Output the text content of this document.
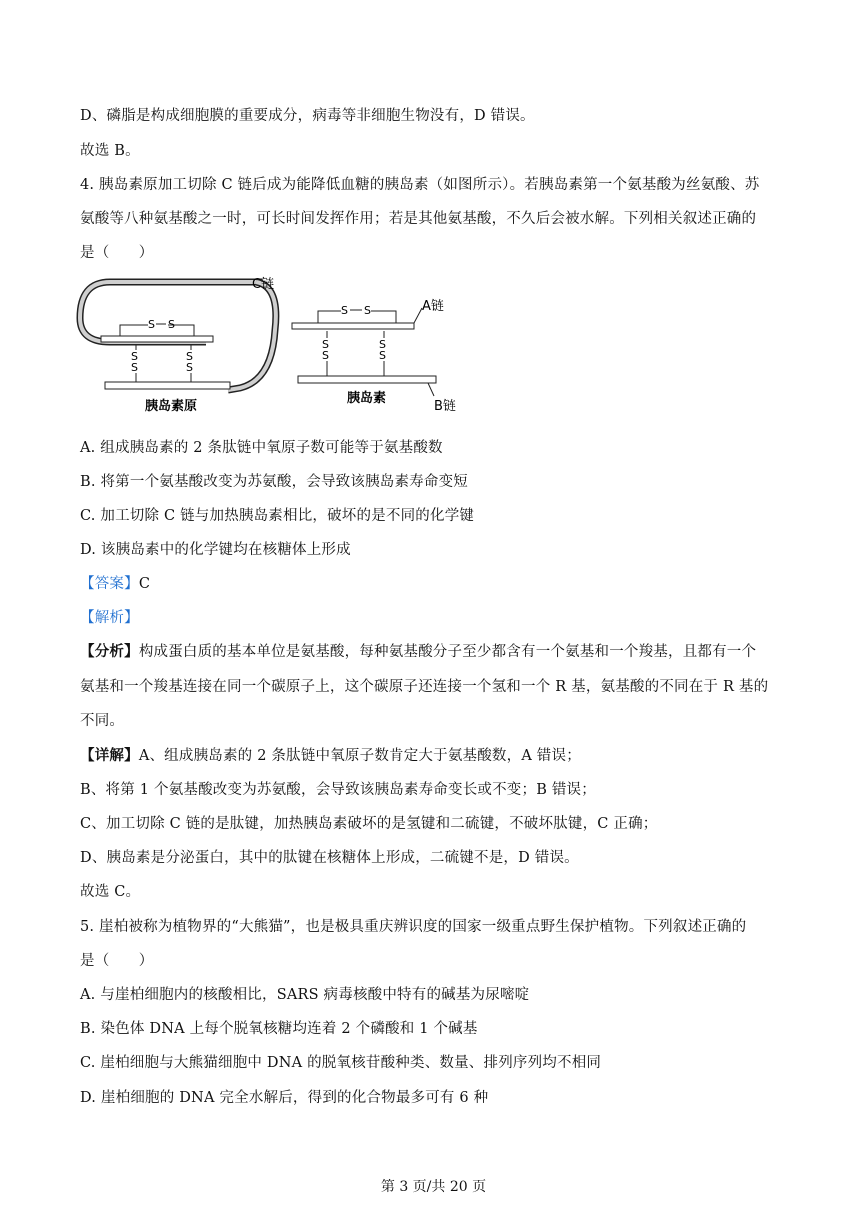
D、磷脂是构成细胞膜的重要成分，病毒等非细胞生物没有，D 错误。
故选 B。
4. 胰岛素原加工切除 C 链后成为能降低血糖的胰岛素（如图所示）。若胰岛素第一个氨基酸为丝氨酸、苏
氨酸等八种氨基酸之一时，可长时间发挥作用；若是其他氨基酸，不久后会被水解。下列相关叙述正确的
是（　　）
C链
S S
S
S
S
S
胰岛素原
S S	A链
S
S
S
S
B链
胰岛素
A. 组成胰岛素的 2 条肽链中氧原子数可能等于氨基酸数
B. 将第一个氨基酸改变为苏氨酸，会导致该胰岛素寿命变短
C. 加工切除 C 链与加热胰岛素相比，破坏的是不同的化学键
D. 该胰岛素中的化学键均在核糖体上形成
【答案】C
【解析】
【分析】构成蛋白质的基本单位是氨基酸，每种氨基酸分子至少都含有一个氨基和一个羧基，且都有一个
氨基和一个羧基连接在同一个碳原子上，这个碳原子还连接一个氢和一个 R 基，氨基酸的不同在于 R 基的
不同。
【详解】A、组成胰岛素的 2 条肽链中氧原子数肯定大于氨基酸数，A 错误；
B、将第 1 个氨基酸改变为苏氨酸，会导致该胰岛素寿命变长或不变；B 错误；
C、加工切除 C 链的是肽键，加热胰岛素破坏的是氢键和二硫键，不破坏肽键，C 正确；
D、胰岛素是分泌蛋白，其中的肽键在核糖体上形成，二硫键不是，D 错误。
故选 C。
5. 崖柏被称为植物界的“大熊猫”，也是极具重庆辨识度的国家一级重点野生保护植物。下列叙述正确的
是（　　）
A. 与崖柏细胞内的核酸相比，SARS 病毒核酸中特有的碱基为尿嘧啶
B. 染色体 DNA 上每个脱氧核糖均连着 2 个磷酸和 1 个碱基
C. 崖柏细胞与大熊猫细胞中 DNA 的脱氧核苷酸种类、数量、排列序列均不相同
D. 崖柏细胞的 DNA 完全水解后，得到的化合物最多可有 6 种
第 3 页/共 20 页
